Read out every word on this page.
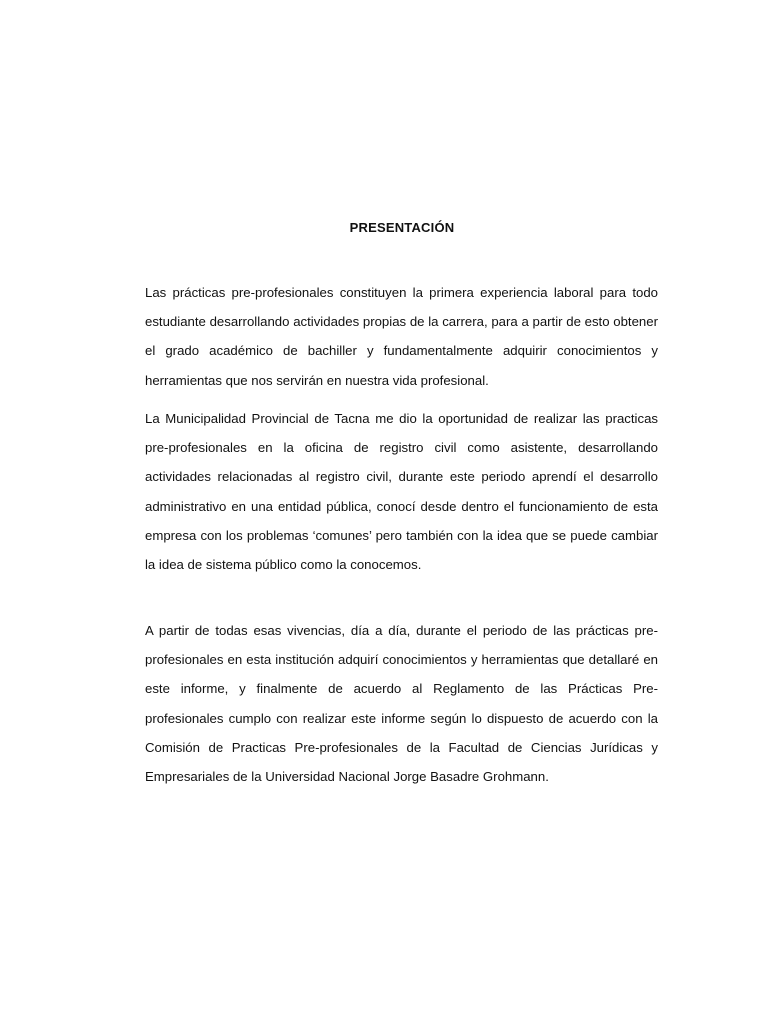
PRESENTACIÓN

Las prácticas pre-profesionales constituyen la primera experiencia laboral para todo estudiante desarrollando actividades propias de la carrera, para a partir de esto obtener el grado académico de bachiller y fundamentalmente adquirir conocimientos y herramientas que nos servirán en nuestra vida profesional.

La Municipalidad Provincial de Tacna me dio la oportunidad de realizar las practicas pre-profesionales en la oficina de registro civil como asistente, desarrollando actividades relacionadas al registro civil, durante este periodo aprendí el desarrollo administrativo en una entidad pública, conocí desde dentro el funcionamiento de esta empresa con los problemas ‘comunes’ pero también con la idea que se puede cambiar la idea de sistema público como la conocemos.

A partir de todas esas vivencias, día a día, durante el periodo de las prácticas pre-profesionales en esta institución adquirí conocimientos y herramientas que detallaré en este informe, y finalmente de acuerdo al Reglamento de las Prácticas Pre-profesionales cumplo con realizar este informe según lo dispuesto de acuerdo con la Comisión de Practicas Pre-profesionales de la Facultad de Ciencias Jurídicas y Empresariales de la Universidad Nacional Jorge Basadre Grohmann.
